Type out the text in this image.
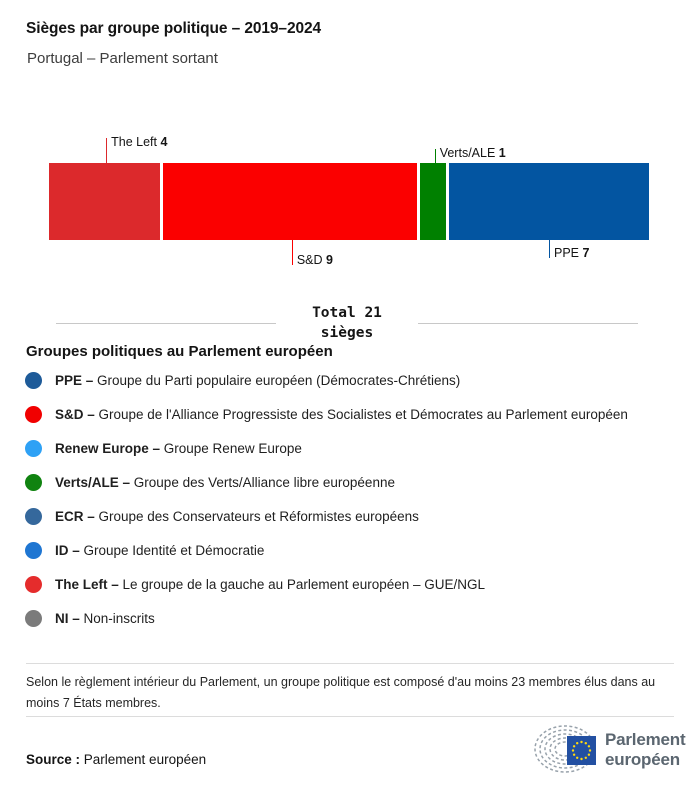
Sièges par groupe politique – 2019–2024
Portugal – Parlement sortant
The Left 4
S&D 9
Verts/ALE 1
PPE 7
Total 21
sièges
Groupes politiques au Parlement européen
PPE – Groupe du Parti populaire européen (Démocrates-Chrétiens)
S&D – Groupe de l'Alliance Progressiste des Socialistes et Démocrates au Parlement européen
Renew Europe – Groupe Renew Europe
Verts/ALE – Groupe des Verts/Alliance libre européenne
ECR – Groupe des Conservateurs et Réformistes européens
ID – Groupe Identité et Démocratie
The Left – Le groupe de la gauche au Parlement européen – GUE/NGL
NI – Non-inscrits
Selon le règlement intérieur du Parlement, un groupe politique est composé d'au moins 23 membres élus dans au moins 7 États membres.
Source : Parlement européen
Parlement
européen
